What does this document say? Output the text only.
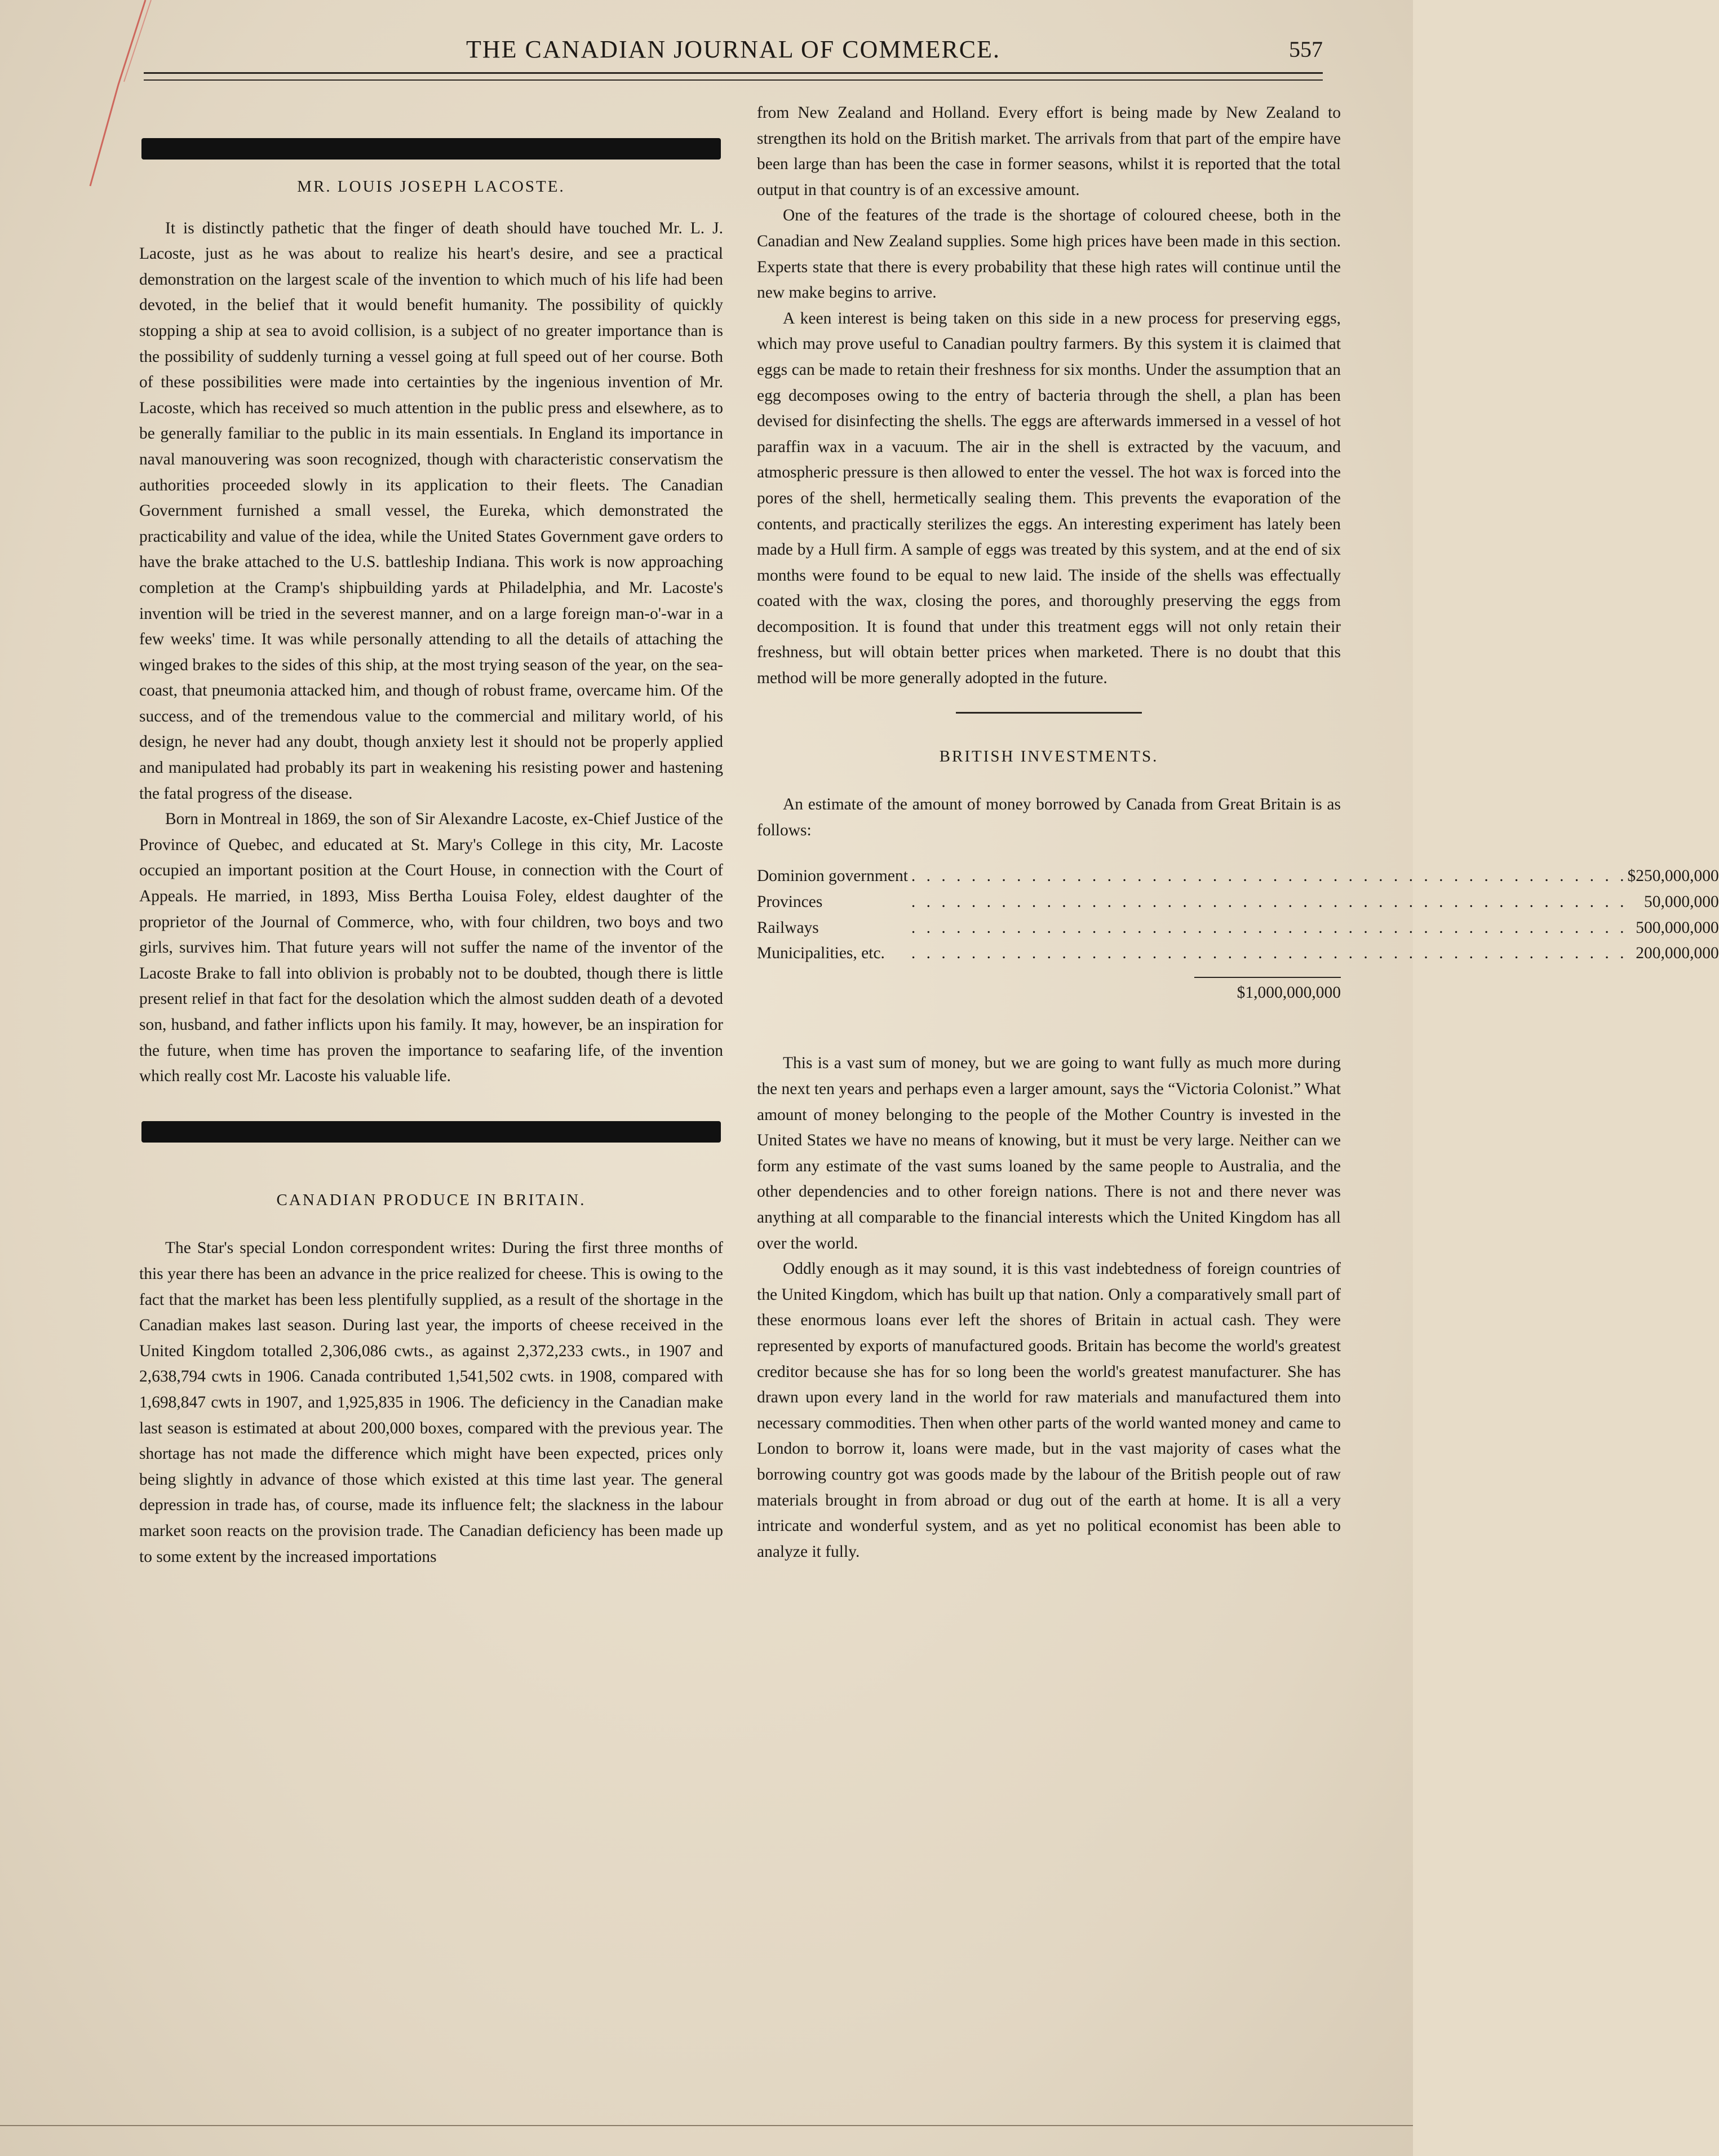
THE CANADIAN JOURNAL OF COMMERCE.	557
MR. LOUIS JOSEPH LACOSTE.

It is distinctly pathetic that the finger of death should have touched Mr. L. J. Lacoste, just as he was about to realize his heart's desire, and see a practical demonstration on the largest scale of the invention to which much of his life had been devoted, in the belief that it would benefit humanity. The possibility of quickly stopping a ship at sea to avoid collision, is a subject of no greater importance than is the possibility of suddenly turning a vessel going at full speed out of her course. Both of these possibilities were made into certainties by the ingenious invention of Mr. Lacoste, which has received so much attention in the public press and elsewhere, as to be generally familiar to the public in its main essentials. In England its importance in naval manouvering was soon recognized, though with characteristic conservatism the authorities proceeded slowly in its application to their fleets. The Canadian Government furnished a small vessel, the Eureka, which demonstrated the practicability and value of the idea, while the United States Government gave orders to have the brake attached to the U.S. battleship Indiana. This work is now approaching completion at the Cramp's shipbuilding yards at Philadelphia, and Mr. Lacoste's invention will be tried in the severest manner, and on a large foreign man-o'-war in a few weeks' time. It was while personally attending to all the details of attaching the winged brakes to the sides of this ship, at the most trying season of the year, on the sea-coast, that pneumonia attacked him, and though of robust frame, overcame him. Of the success, and of the tremendous value to the commercial and military world, of his design, he never had any doubt, though anxiety lest it should not be properly applied and manipulated had probably its part in weakening his resisting power and hastening the fatal progress of the disease.

Born in Montreal in 1869, the son of Sir Alexandre Lacoste, ex-Chief Justice of the Province of Quebec, and educated at St. Mary's College in this city, Mr. Lacoste occupied an important position at the Court House, in connection with the Court of Appeals. He married, in 1893, Miss Bertha Louisa Foley, eldest daughter of the proprietor of the Journal of Commerce, who, with four children, two boys and two girls, survives him. That future years will not suffer the name of the inventor of the Lacoste Brake to fall into oblivion is probably not to be doubted, though there is little present relief in that fact for the desolation which the almost sudden death of a devoted son, husband, and father inflicts upon his family. It may, however, be an inspiration for the future, when time has proven the importance to seafaring life, of the invention which really cost Mr. Lacoste his valuable life.

CANADIAN PRODUCE IN BRITAIN.

The Star's special London correspondent writes: During the first three months of this year there has been an advance in the price realized for cheese. This is owing to the fact that the market has been less plentifully supplied, as a result of the shortage in the Canadian makes last season. During last year, the imports of cheese received in the United Kingdom totalled 2,306,086 cwts., as against 2,372,233 cwts., in 1907 and 2,638,794 cwts in 1906. Canada contributed 1,541,502 cwts. in 1908, compared with 1,698,847 cwts in 1907, and 1,925,835 in 1906. The deficiency in the Canadian make last season is estimated at about 200,000 boxes, compared with the previous year. The shortage has not made the difference which might have been expected, prices only being slightly in advance of those which existed at this time last year. The general depression in trade has, of course, made its influence felt; the slackness in the labour market soon reacts on the provision trade. The Canadian deficiency has been made up to some extent by the increased importations

from New Zealand and Holland. Every effort is being made by New Zealand to strengthen its hold on the British market. The arrivals from that part of the empire have been large than has been the case in former seasons, whilst it is reported that the total output in that country is of an excessive amount.

One of the features of the trade is the shortage of coloured cheese, both in the Canadian and New Zealand supplies. Some high prices have been made in this section. Experts state that there is every probability that these high rates will continue until the new make begins to arrive.

A keen interest is being taken on this side in a new process for preserving eggs, which may prove useful to Canadian poultry farmers. By this system it is claimed that eggs can be made to retain their freshness for six months. Under the assumption that an egg decomposes owing to the entry of bacteria through the shell, a plan has been devised for disinfecting the shells. The eggs are afterwards immersed in a vessel of hot paraffin wax in a vacuum. The air in the shell is extracted by the vacuum, and atmospheric pressure is then allowed to enter the vessel. The hot wax is forced into the pores of the shell, hermetically sealing them. This prevents the evaporation of the contents, and practically sterilizes the eggs. An interesting experiment has lately been made by a Hull firm. A sample of eggs was treated by this system, and at the end of six months were found to be equal to new laid. The inside of the shells was effectually coated with the wax, closing the pores, and thoroughly preserving the eggs from decomposition. It is found that under this treatment eggs will not only retain their freshness, but will obtain better prices when marketed. There is no doubt that this method will be more generally adopted in the future.

BRITISH INVESTMENTS.

An estimate of the amount of money borrowed by Canada from Great Britain is as follows:

Dominion government	. . . . . . . . . . . . . . . . . . . . . . . . . . . . . . . . . . . . . . . . . . . . . . . .	$250,000,000
Provinces	. . . . . . . . . . . . . . . . . . . . . . . . . . . . . . . . . . . . . . . . . . . . . . . .	50,000,000
Railways	. . . . . . . . . . . . . . . . . . . . . . . . . . . . . . . . . . . . . . . . . . . . . . . .	500,000,000
Municipalities, etc.	. . . . . . . . . . . . . . . . . . . . . . . . . . . . . . . . . . . . . . . . . . . . . . . .	200,000,000
$1,000,000,000

This is a vast sum of money, but we are going to want fully as much more during the next ten years and perhaps even a larger amount, says the “Victoria Colonist.” What amount of money belonging to the people of the Mother Country is invested in the United States we have no means of knowing, but it must be very large. Neither can we form any estimate of the vast sums loaned by the same people to Australia, and the other dependencies and to other foreign nations. There is not and there never was anything at all comparable to the financial interests which the United Kingdom has all over the world.

Oddly enough as it may sound, it is this vast indebtedness of foreign countries of the United Kingdom, which has built up that nation. Only a comparatively small part of these enormous loans ever left the shores of Britain in actual cash. They were represented by exports of manufactured goods. Britain has become the world's greatest creditor because she has for so long been the world's greatest manufacturer. She has drawn upon every land in the world for raw materials and manufactured them into necessary commodities. Then when other parts of the world wanted money and came to London to borrow it, loans were made, but in the vast majority of cases what the borrowing country got was goods made by the labour of the British people out of raw materials brought in from abroad or dug out of the earth at home. It is all a very intricate and wonderful system, and as yet no political economist has been able to analyze it fully.
